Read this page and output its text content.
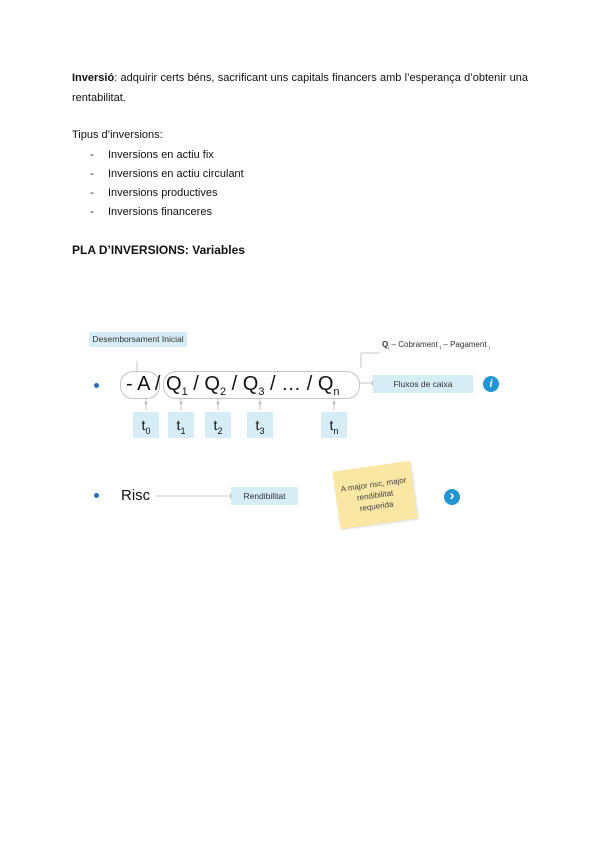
Inversió: adquirir certs béns, sacrificant uns capitals financers amb l’esperança d’obtenir una rentabilitat.
Tipus d’inversions:
- Inversions en actiu fix
- Inversions en actiu circulant
- Inversions productives
- Inversions financeres
PLA D’INVERSIONS: Variables
Desemborsament Inicial
$Q_i$ – Cobrament $_i$ – Pagament $_i$
- A / $Q_1 / Q_2 / Q_3$ / … / $Q_n$
Fluxos de caixa	i
$t_0$	$t_1$	$t_2$	$t_3$	$t_n$
Risc	Rendibilitat
A major risc, major rendibilitat requerida
›
